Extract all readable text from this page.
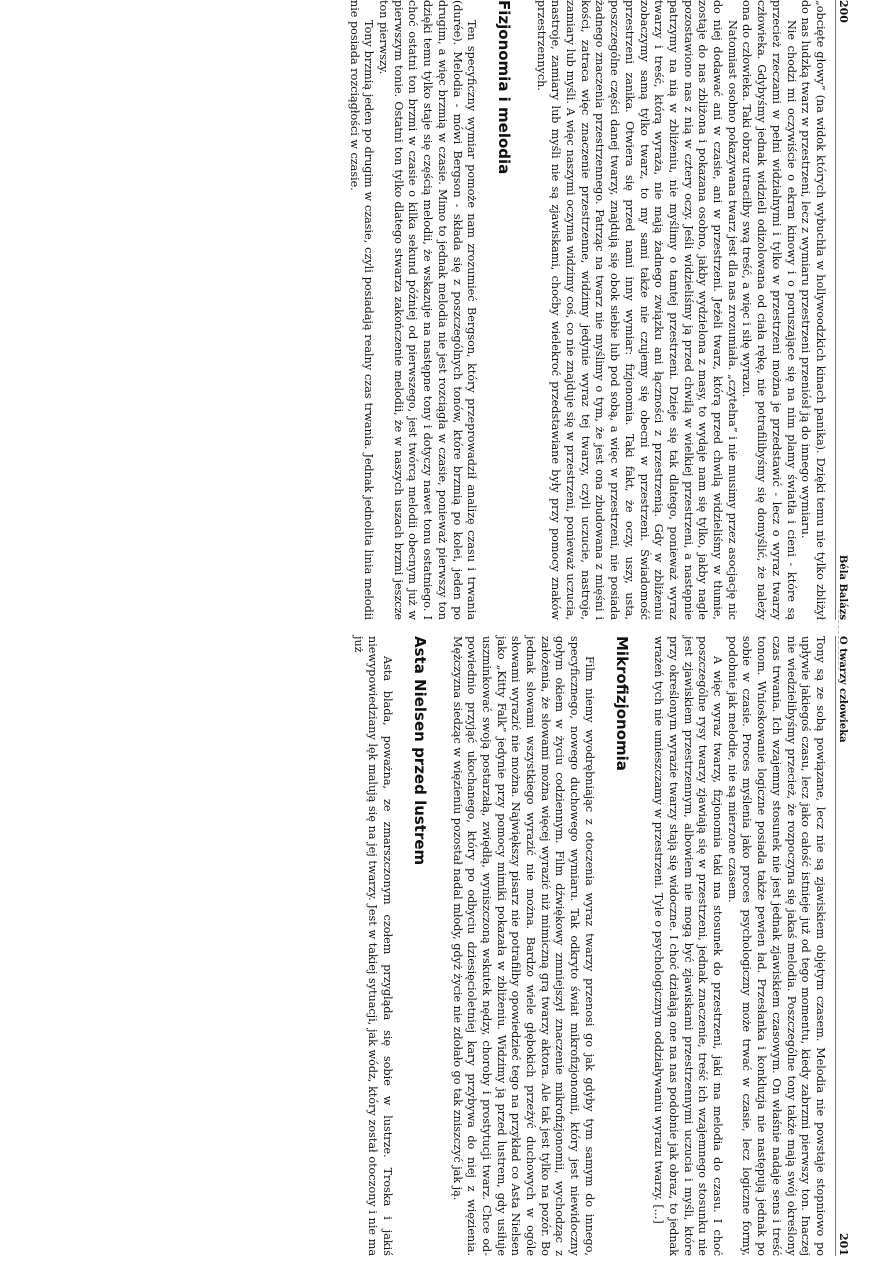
200
Béla Balázs

„obcięte głowy” (na widok których wybuchła w hollywoodzkich kinach panika). Dzięki temu nie tylko zbliżył do nas ludzką twarz w przestrzeni, lecz z wymiaru przestrzeni przeniósł ją do innego wymiaru.

Nie chodzi mi oczywiście o ekran kinowy i o poruszające się na nim plamy światła i cieni - które są przecież rzeczami w pełni widzialnymi i tylko w przestrzeni można je przedstawić - lecz o wyraz twarzy człowieka. Gdybyśmy jednak widzieli odizolowana od ciała rękę, nie potrafilibyśmy się domyślić, że należy ona do człowieka. Taki obraz utraciłby swą treść, a więc i siłę wyrazu.

Natomiast osobno pokazywana twarz jest dla nas zrozumiała. „czytelna” i nie musimy przez asocjację nic do niej dodawać ani w czasie, ani w przestrzeni. Jeżeli twarz, którą przed chwilą widzieliśmy w tłumie, zostaje do nas zbliżona i pokazana osobno, jakby wydzielona z masy, to wydaje nam się tylko, jakby nagle pozostawiono nas z nią w cztery oczy. Jeśli widzieliśmy ją przed chwilą w wielkiej przestrzeni, a następnie patrzymy na nią w zbliżeniu, nie myślimy o tamtej przestrzeni. Dzieje się tak dlatego, ponieważ wyraz twarzy i treść, którą wyraża, nie mają żadnego związku ani łączności z przestrzenią. Gdy w zbliżeniu zobaczymy samą tylko twarz, to my sami także nie czujemy się obecni w przestrzeni. Świadomość przestrzeni zanika. Otwiera się przed nami inny wymiar: fizjonomia. Taki fakt, że oczy, uszy, usta, poszczególne części danej twarzy, znajdują się obok siebie lub pod sobą, a więc w przestrzeni, nie posiada żadnego znaczenia przestrzennego. Patrząc na twarz nie myślimy o tym, że jest ona zbudowana z mięśni i kości, zatraca więc znaczenie przestrzenne, widzimy jedynie wyraz tej twarzy, czyli uczucie, nastroje, zamiary lub myśli. A więc naszymi oczyma widzimy coś, co nie znajduje się w przestrzeni, ponieważ uczucia, nastroje, zamiary lub myśli nie są zjawiskami, choćby wielekroć przedstawiane były przy pomocy znaków przestrzennych.

Fizjonomia i melodia

Ten specyficzny wymiar pomoże nam zrozumieć Bergson, który przeprowadził analizę czasu i trwania (durée). Melodia - mówi Bergson - składa się z poszczególnych tonów, które brzmią po kolei, jeden po drugim, a więc brzmią w czasie. Mimo to jednak melodia nie jest rozciągła w czasie, ponieważ pierwszy ton dzięki temu tylko staje się częścią melodii, że wskazuje na następne tony i dotyczy nawet tonu ostatniego. I choć ostatni ton brzmi w czasie o kilka sekund później od pierwszego, jest twórcą melodii obecnym już w pierwszym tonie. Ostatni ton tylko dlatego stwarza zakończenie melodii, że w naszych uszach brzmi jeszcze ton pierwszy.

Tony brzmią jeden po drugim w czasie, czyli posiadają realny czas trwania. Jednak jednolita linia melodii nie posiada rozciągłości w czasie.

O twarzy człowieka
201

Tony są ze sobą powiązane, lecz nie są zjawiskiem objętym czasem. Melodia nie powstaje stopniowo po upływie jakiegoś czasu, lecz jako całość istnieje już od tego momentu, kiedy zabrzmi pierwszy ton. Inaczej nie wiedzielibyśmy przecież, że rozpoczyna się jakaś melodia. Poszczególne tony także mają swój określony czas trwania. Ich wzajemny stosunek nie jest jednak zjawiskiem czasowym. On właśnie nadaje sens i treść tonom. Wnioskowanie logiczne posiada także pewien ład. Przesłanka i konkluzja nie następują jednak po sobie w czasie. Proces myślenia jako proces psychologiczny może trwać w czasie, lecz logiczne formy, podobnie jak melodie, nie są mierzone czasem.

A więc wyraz twarzy, fizjonomia taki ma stosunek do przestrzeni, jaki ma melodia do czasu. I choć poszczególne rysy twarzy zjawiają się w przestrzeni, jednak znaczenie, treść ich wzajemnego stosunku nie jest zjawiskiem przestrzennym, albowiem nie mogą być zjawiskami przestrzennymi uczucia i myśli, które przy określonym wyrazie twarzy stają się widoczne. I choć działają one na nas podobnie jak obraz, to jednak wrażeń tych nie umieszczamy w przestrzeni. Tyle o psychologicznym oddziaływaniu wyrazu twarzy. [...]

Mikrofizjonomia

Film niemy wyodrębniając z otoczenia wyraz twarzy przenosi go jak gdyby tym samym do innego, specyficznego, nowego duchowego wymiaru. Tak odkryto świat mikrofizjonomii, który jest niewidoczny gołym okiem w życiu codziennym. Film dźwiękowy zmniejszył znaczenie mikrofizjonomii, wychodząc z założenia, że słowami można więcej wyrazić niż mimiczną grą twarzy aktora. Ale tak jest tylko na pozór. Bo jednak słowami wszystkiego wyrazić nie można. Bardzo wiele głębokich przeżyć duchowych w ogóle słowami wyrazić nie można. Największy pisarz nie potrafiłby opowiedzieć tego na przykład co Asta Nielsen jako „Kitty Falk” jedynie przy pomocy mimiki pokazała w zbliżeniu. Widzimy ją przed lustrem, gdy usiłuje uszminkować swoją postarzałą, zwiędłą, wyniszczoną wskutek nędzy, choroby i prostytucji twarz. Chce od-powiednio przyjąć ukochanego, który po odbyciu dziesięcioletniej kary przybywa do niej z więzienia. Mężczyzna siedząc w więzieniu pozostał nadal młody, gdyż życie nie zdołało go tak zniszczyć jak ją.

Asta Nielsen przed lustrem

Asta blada, poważna, ze zmarszczonym czołem przygląda się sobie w lustrze. Troska i jakiś niewypowiedziany lęk malują się na jej twarzy. Jest w takiej sytuacji, jak wódz, który został otoczony i nie ma już
